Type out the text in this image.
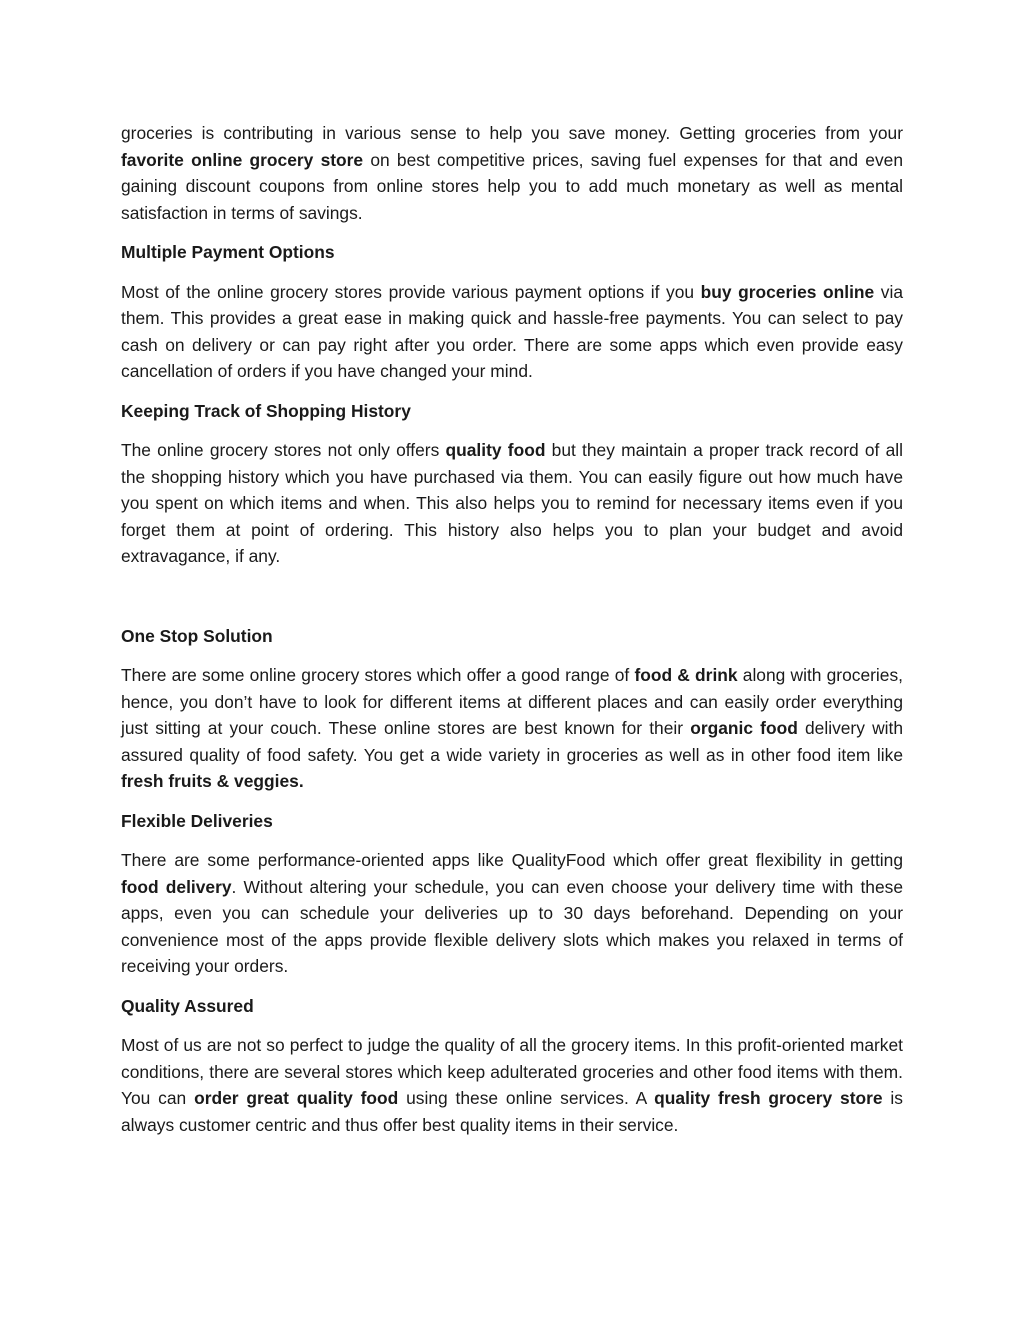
groceries is contributing in various sense to help you save money. Getting groceries from your favorite online grocery store on best competitive prices, saving fuel expenses for that and even gaining discount coupons from online stores help you to add much monetary as well as mental satisfaction in terms of savings.

Multiple Payment Options

Most of the online grocery stores provide various payment options if you buy groceries online via them. This provides a great ease in making quick and hassle-free payments. You can select to pay cash on delivery or can pay right after you order. There are some apps which even provide easy cancellation of orders if you have changed your mind.

Keeping Track of Shopping History

The online grocery stores not only offers quality food but they maintain a proper track record of all the shopping history which you have purchased via them. You can easily figure out how much have you spent on which items and when. This also helps you to remind for necessary items even if you forget them at point of ordering. This history also helps you to plan your budget and avoid extravagance, if any.

One Stop Solution

There are some online grocery stores which offer a good range of food & drink along with groceries, hence, you don’t have to look for different items at different places and can easily order everything just sitting at your couch. These online stores are best known for their organic food delivery with assured quality of food safety. You get a wide variety in groceries as well as in other food item like fresh fruits & veggies.

Flexible Deliveries

There are some performance-oriented apps like QualityFood which offer great flexibility in getting food delivery. Without altering your schedule, you can even choose your delivery time with these apps, even you can schedule your deliveries up to 30 days beforehand. Depending on your convenience most of the apps provide flexible delivery slots which makes you relaxed in terms of receiving your orders.

Quality Assured

Most of us are not so perfect to judge the quality of all the grocery items. In this profit-oriented market conditions, there are several stores which keep adulterated groceries and other food items with them. You can order great quality food using these online services. A quality fresh grocery store is always customer centric and thus offer best quality items in their service.
